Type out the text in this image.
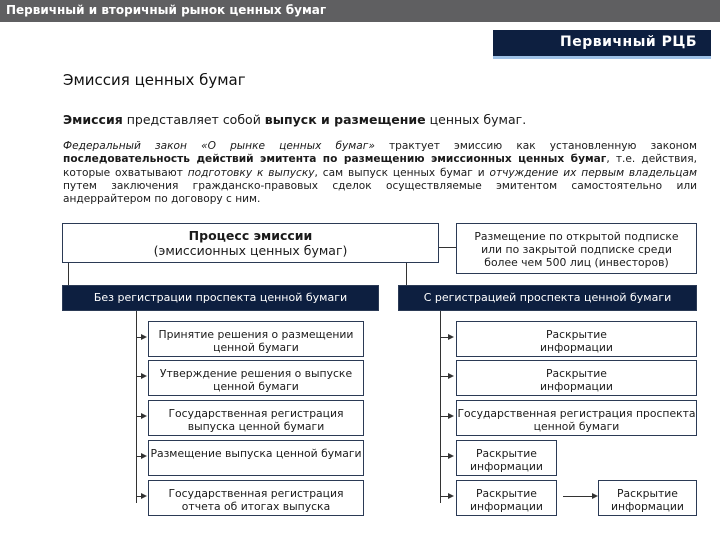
Первичный и вторичный рынок ценных бумаг
Первичный РЦБ
Эмиссия ценных бумаг
Эмиссия представляет собой выпуск и размещение ценных бумаг.
Федеральный закон «О рынке ценных бумаг» трактует эмиссию как установленную законом последовательность действий эмитента по размещению эмиссионных ценных бумаг, т.е. действия, которые охватывают подготовку к выпуску, сам выпуск ценных бумаг и отчуждение их первым владельцам путем заключения гражданско-правовых сделок осуществляемые эмитентом самостоятельно или андеррайтером по договору с ним.
Процесс эмиссии
(эмиссионных ценных бумаг)
Размещение по открытой подписке или по закрытой подписке среди более чем 500 лиц (инвесторов)
Без регистрации проспекта ценной бумаги	С регистрацией проспекта ценной бумаги
Принятие решения о размещении ценной бумаги
Утверждение решения о выпуске ценной бумаги
Государственная регистрация выпуска ценной бумаги
Размещение выпуска ценной бумаги
Государственная регистрация отчета об итогах выпуска
Раскрытие информации
Раскрытие информации
Государственная регистрация проспекта ценной бумаги
Раскрытие информации
Раскрытие информации
Раскрытие информации
